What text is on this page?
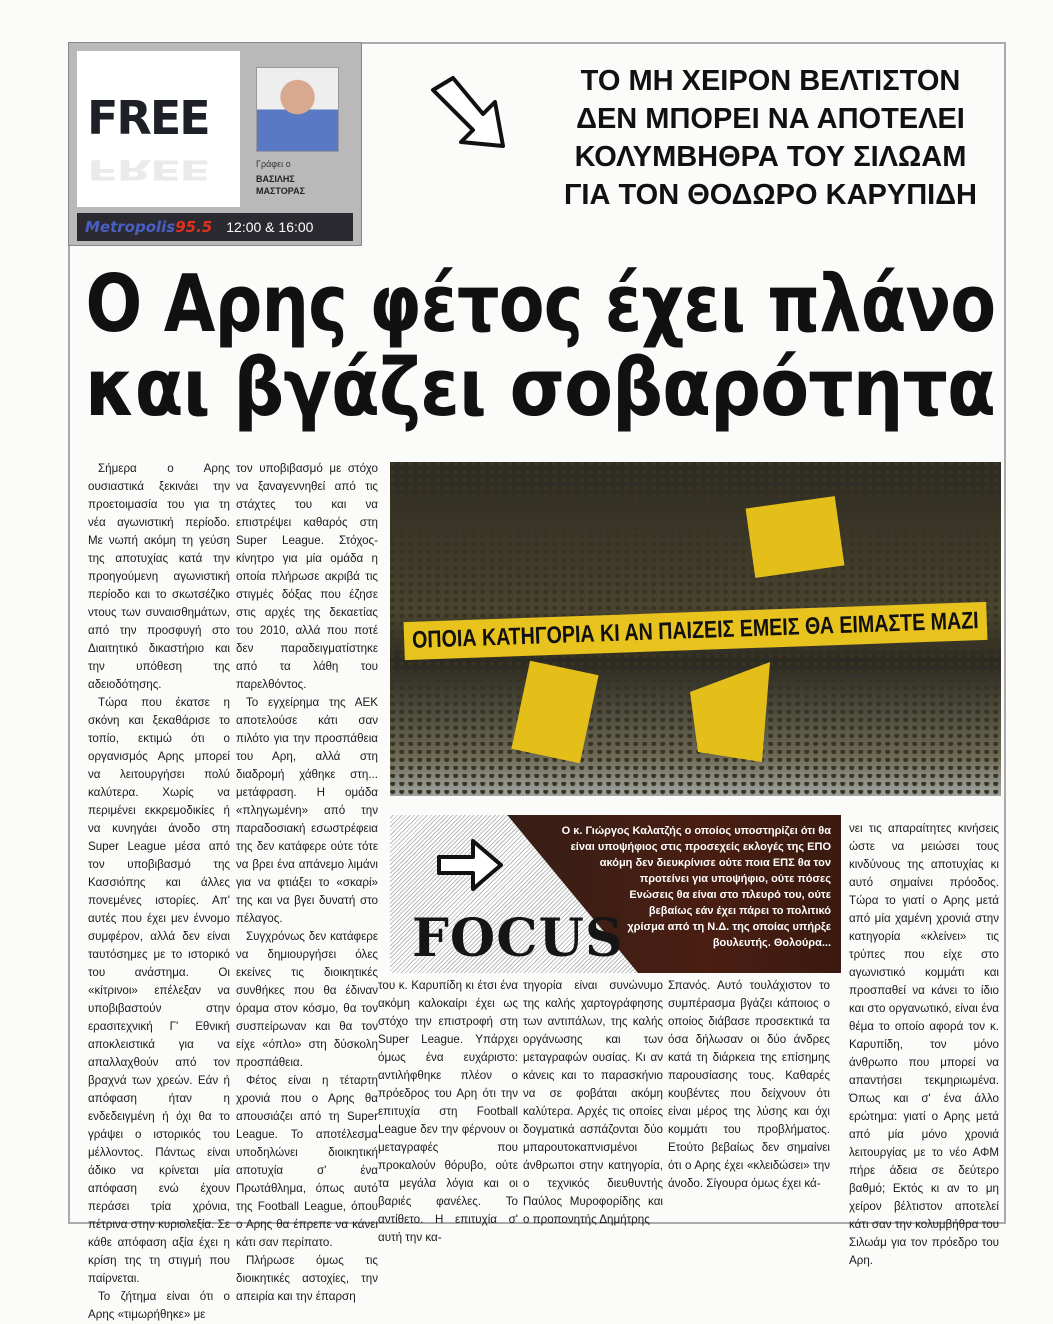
FREE
FREE	Γράφει ο
ΒΑΣΙΛΗΣ
ΜΑΣΤΟΡΑΣ
Metropolis95.5 12:00 & 16:00
ΤΟ ΜΗ ΧΕΙΡΟΝ ΒΕΛΤΙΣΤΟΝ
ΔΕΝ ΜΠΟΡΕΙ ΝΑ ΑΠΟΤΕΛΕΙ
ΚΟΛΥΜΒΗΘΡΑ ΤΟΥ ΣΙΛΩΑΜ
ΓΙΑ ΤΟΝ ΘΟΔΩΡΟ ΚΑΡΥΠΙΔΗ
Ο Αρης φέτος έχει πλάνο
και βγάζει σοβαρότητα

Σήμερα ο Αρης ουσιαστικά ξεκινάει την προετοιμασία του για τη νέα αγωνιστική περίοδο. Με νωπή ακόμη τη γεύση της αποτυχίας κατά την προηγούμενη αγωνιστική περίοδο και το σκωτσέζικο ντους των συναισθημάτων, από την προσφυγή στο Διαιτητικό δικαστήριο και την υπόθεση της αδειοδότησης.

Τώρα που έκατσε η σκόνη και ξεκαθάρισε το τοπίο, εκτιμώ ότι ο οργανισμός Αρης μπορεί να λειτουργήσει πολύ καλύτερα. Χωρίς να περιμένει εκκρεμοδικίες ή να κυνηγάει άνοδο στη Super League μέσα από τον υποβιβασμό της Κασσιόπης και άλλες πονεμένες ιστορίες. Απ' αυτές που έχει μεν έννομο συμφέρον, αλλά δεν είναι ταυτόσημες με το ιστορικό του ανάστημα. Οι «κίτρινοι» επέλεξαν να υποβιβαστούν στην ερασιτεχνική Γ' Εθνική αποκλειστικά για να απαλλαχθούν από τον βραχνά των χρεών. Εάν ή απόφαση ήταν η ενδεδειγμένη ή όχι θα το γράψει ο ιστορικός του μέλλοντος. Πάντως είναι άδικο να κρίνεται μία απόφαση ενώ έχουν περάσει τρία χρόνια, πέτρινα στην κυριολεξία. Σε κάθε απόφαση αξία έχει η κρίση της τη στιγμή που παίρνεται.

Το ζήτημα είναι ότι ο Αρης «τιμωρήθηκε» με

τον υποβιβασμό με στόχο να ξαναγεννηθεί από τις στάχτες του και να επιστρέψει καθαρός στη Super League. Στόχος-κίνητρο για μία ομάδα η οποία πλήρωσε ακριβά τις στιγμές δόξας που έζησε στις αρχές της δεκαετίας του 2010, αλλά που ποτέ δεν παραδειγματίστηκε από τα λάθη του παρελθόντος.

Το εγχείρημα της ΑΕΚ αποτελούσε κάτι σαν πιλότο για την προσπάθεια του Αρη, αλλά στη διαδρομή χάθηκε στη... μετάφραση. Η ομάδα «πληγωμένη» από την παραδοσιακή εσωστρέφεια της δεν κατάφερε ούτε τότε να βρει ένα απάνεμο λιμάνι για να φτιάξει το «σκαρί» της και να βγει δυνατή στο πέλαγος.

Συγχρόνως δεν κατάφερε να δημιουργήσει όλες εκείνες τις διοικητικές συνθήκες που θα έδιναν όραμα στον κόσμο, θα τον συσπείρωναν και θα τον είχε «όπλο» στη δύσκολη προσπάθεια.

Φέτος είναι η τέταρτη χρονιά που ο Αρης θα απουσιάζει από τη Super League. Το αποτέλεσμα υποδηλώνει διοικητική αποτυχία σ' ένα Πρωτάθλημα, όπως αυτό της Football League, όπου ο Αρης θα έπρεπε να κάνει κάτι σαν περίπατο.

Πλήρωσε όμως τις διοικητικές αστοχίες, την απειρία και την έπαρση

ΟΠΟΙΑ ΚΑΤΗΓΟΡΙΑ ΚΙ ΑΝ ΠΑΙΖΕΙΣ ΕΜΕΙΣ ΘΑ ΕΙΜΑΣΤΕ ΜΑΖΙ
FOCUS
Ο κ. Γιώργος Καλατζής ο οποίος υποστηρίζει ότι θα είναι υποψήφιος στις προσεχείς εκλογές της ΕΠΟ ακόμη δεν διευκρίνισε ούτε ποια ΕΠΣ θα τον προτείνει για υποψήφιο, ούτε πόσες Ενώσεις θα είναι στο πλευρό του, ούτε βεβαίως εάν έχει πάρει το πολιτικό χρίσμα από τη Ν.Δ. της οποίας υπήρξε βουλευτής. Θολούρα...

του κ. Καρυπίδη κι έτσι ένα ακόμη καλοκαίρι έχει ως στόχο την επιστροφή στη Super League. Υπάρχει όμως ένα ευχάριστο: αντιλήφθηκε πλέον ο πρόεδρος του Αρη ότι την επιτυχία στη Football League δεν την φέρνουν οι μεταγραφές που προκαλούν θόρυβο, ούτε τα μεγάλα λόγια και οι βαριές φανέλες. Το αντίθετο. Η επιτυχία σ' αυτή την κα-

τηγορία είναι συνώνυμο της καλής χαρτογράφησης των αντιπάλων, της καλής οργάνωσης και των μεταγραφών ουσίας. Κι αν κάνεις και το παρασκήνιο να σε φοβάται ακόμη καλύτερα. Αρχές τις οποίες δογματικά ασπάζονται δύο μπαρουτοκαπνισμένοι άνθρωποι στην κατηγορία, ο τεχνικός διευθυντής Παύλος Μυροφορίδης και ο προπονητής Δημήτρης

Σπανός. Αυτό τουλάχιστον το συμπέρασμα βγάζει κάποιος ο οποίος διάβασε προσεκτικά τα όσα δήλωσαν οι δύο άνδρες κατά τη διάρκεια της επίσημης παρουσίασης τους. Καθαρές κουβέντες που δείχνουν ότι είναι μέρος της λύσης και όχι κομμάτι του προβλήματος. Ετούτο βεβαίως δεν σημαίνει ότι ο Αρης έχει «κλειδώσει» την άνοδο. Σίγουρα όμως έχει κά-

νει τις απαραίτητες κινήσεις ώστε να μειώσει τους κινδύνους της αποτυχίας κι αυτό σημαίνει πρόοδος. Τώρα το γιατί ο Αρης μετά από μία χαμένη χρονιά στην κατηγορία «κλείνει» τις τρύπες που είχε στο αγωνιστικό κομμάτι και προσπαθεί να κάνει το ίδιο και στο οργανωτικό, είναι ένα θέμα το οποίο αφορά τον κ. Καρυπίδη, τον μόνο άνθρωπο που μπορεί να απαντήσει τεκμηριωμένα. Όπως και σ' ένα άλλο ερώτημα: γιατί ο Αρης μετά από μία μόνο χρονιά λειτουργίας με το νέο ΑΦΜ πήρε άδεια σε δεύτερο βαθμό; Εκτός κι αν το μη χείρον βέλτιστον αποτελεί κάτι σαν την κολυμβήθρα του Σιλωάμ για τον πρόεδρο του Αρη.
